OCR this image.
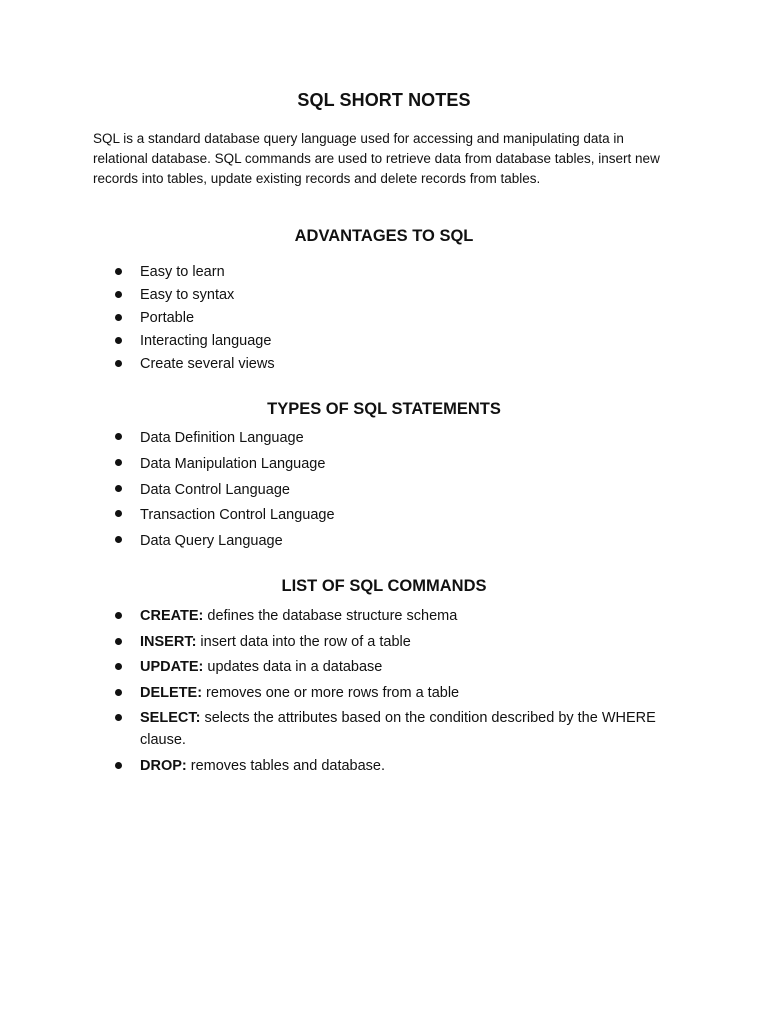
SQL SHORT NOTES

SQL is a standard database query language used for accessing and manipulating data in relational database. SQL commands are used to retrieve data from database tables, insert new records into tables, update existing records and delete records from tables.

ADVANTAGES TO SQL
Easy to learn
Easy to syntax
Portable
Interacting language
Create several views
TYPES OF SQL STATEMENTS
Data Definition Language
Data Manipulation Language
Data Control Language
Transaction Control Language
Data Query Language
LIST OF SQL COMMANDS
CREATE: defines the database structure schema
INSERT: insert data into the row of a table
UPDATE: updates data in a database
DELETE: removes one or more rows from a table
SELECT: selects the attributes based on the condition described by the WHERE clause.
DROP: removes tables and database.
